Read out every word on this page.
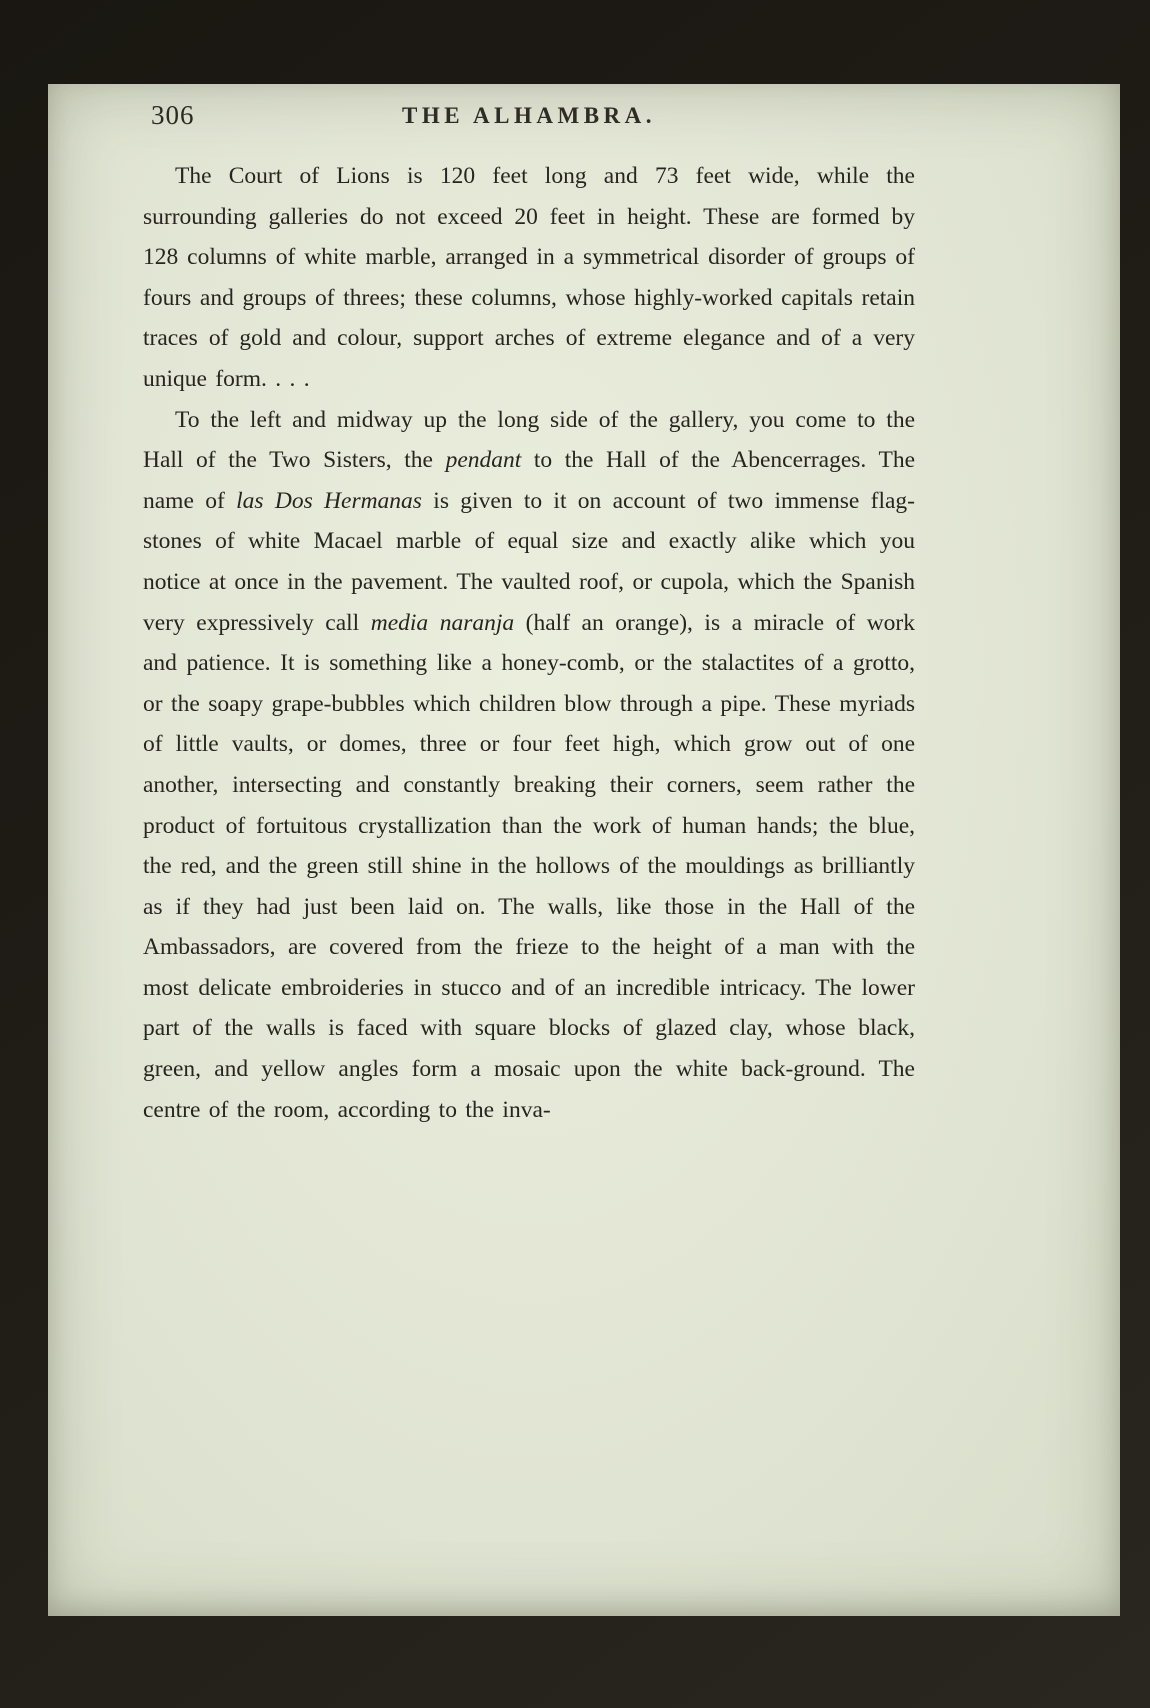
306	THE ALHAMBRA.

The Court of Lions is 120 feet long and 73 feet wide, while the surrounding galleries do not exceed 20 feet in height. These are formed by 128 columns of white marble, arranged in a symmetrical disorder of groups of fours and groups of threes; these columns, whose highly-worked capitals retain traces of gold and colour, support arches of extreme elegance and of a very unique form. . . .

To the left and midway up the long side of the gallery, you come to the Hall of the Two Sisters, the pendant to the Hall of the Abencerrages. The name of las Dos Hermanas is given to it on account of two immense flag-stones of white Macael marble of equal size and exactly alike which you notice at once in the pavement. The vaulted roof, or cupola, which the Spanish very expressively call media naranja (half an orange), is a miracle of work and patience. It is something like a honey-comb, or the stalactites of a grotto, or the soapy grape-bubbles which children blow through a pipe. These myriads of little vaults, or domes, three or four feet high, which grow out of one another, intersecting and constantly breaking their corners, seem rather the product of fortuitous crystallization than the work of human hands; the blue, the red, and the green still shine in the hollows of the mouldings as brilliantly as if they had just been laid on. The walls, like those in the Hall of the Ambassadors, are covered from the frieze to the height of a man with the most delicate embroideries in stucco and of an incredible intricacy. The lower part of the walls is faced with square blocks of glazed clay, whose black, green, and yellow angles form a mosaic upon the white back-ground. The centre of the room, according to the inva-
